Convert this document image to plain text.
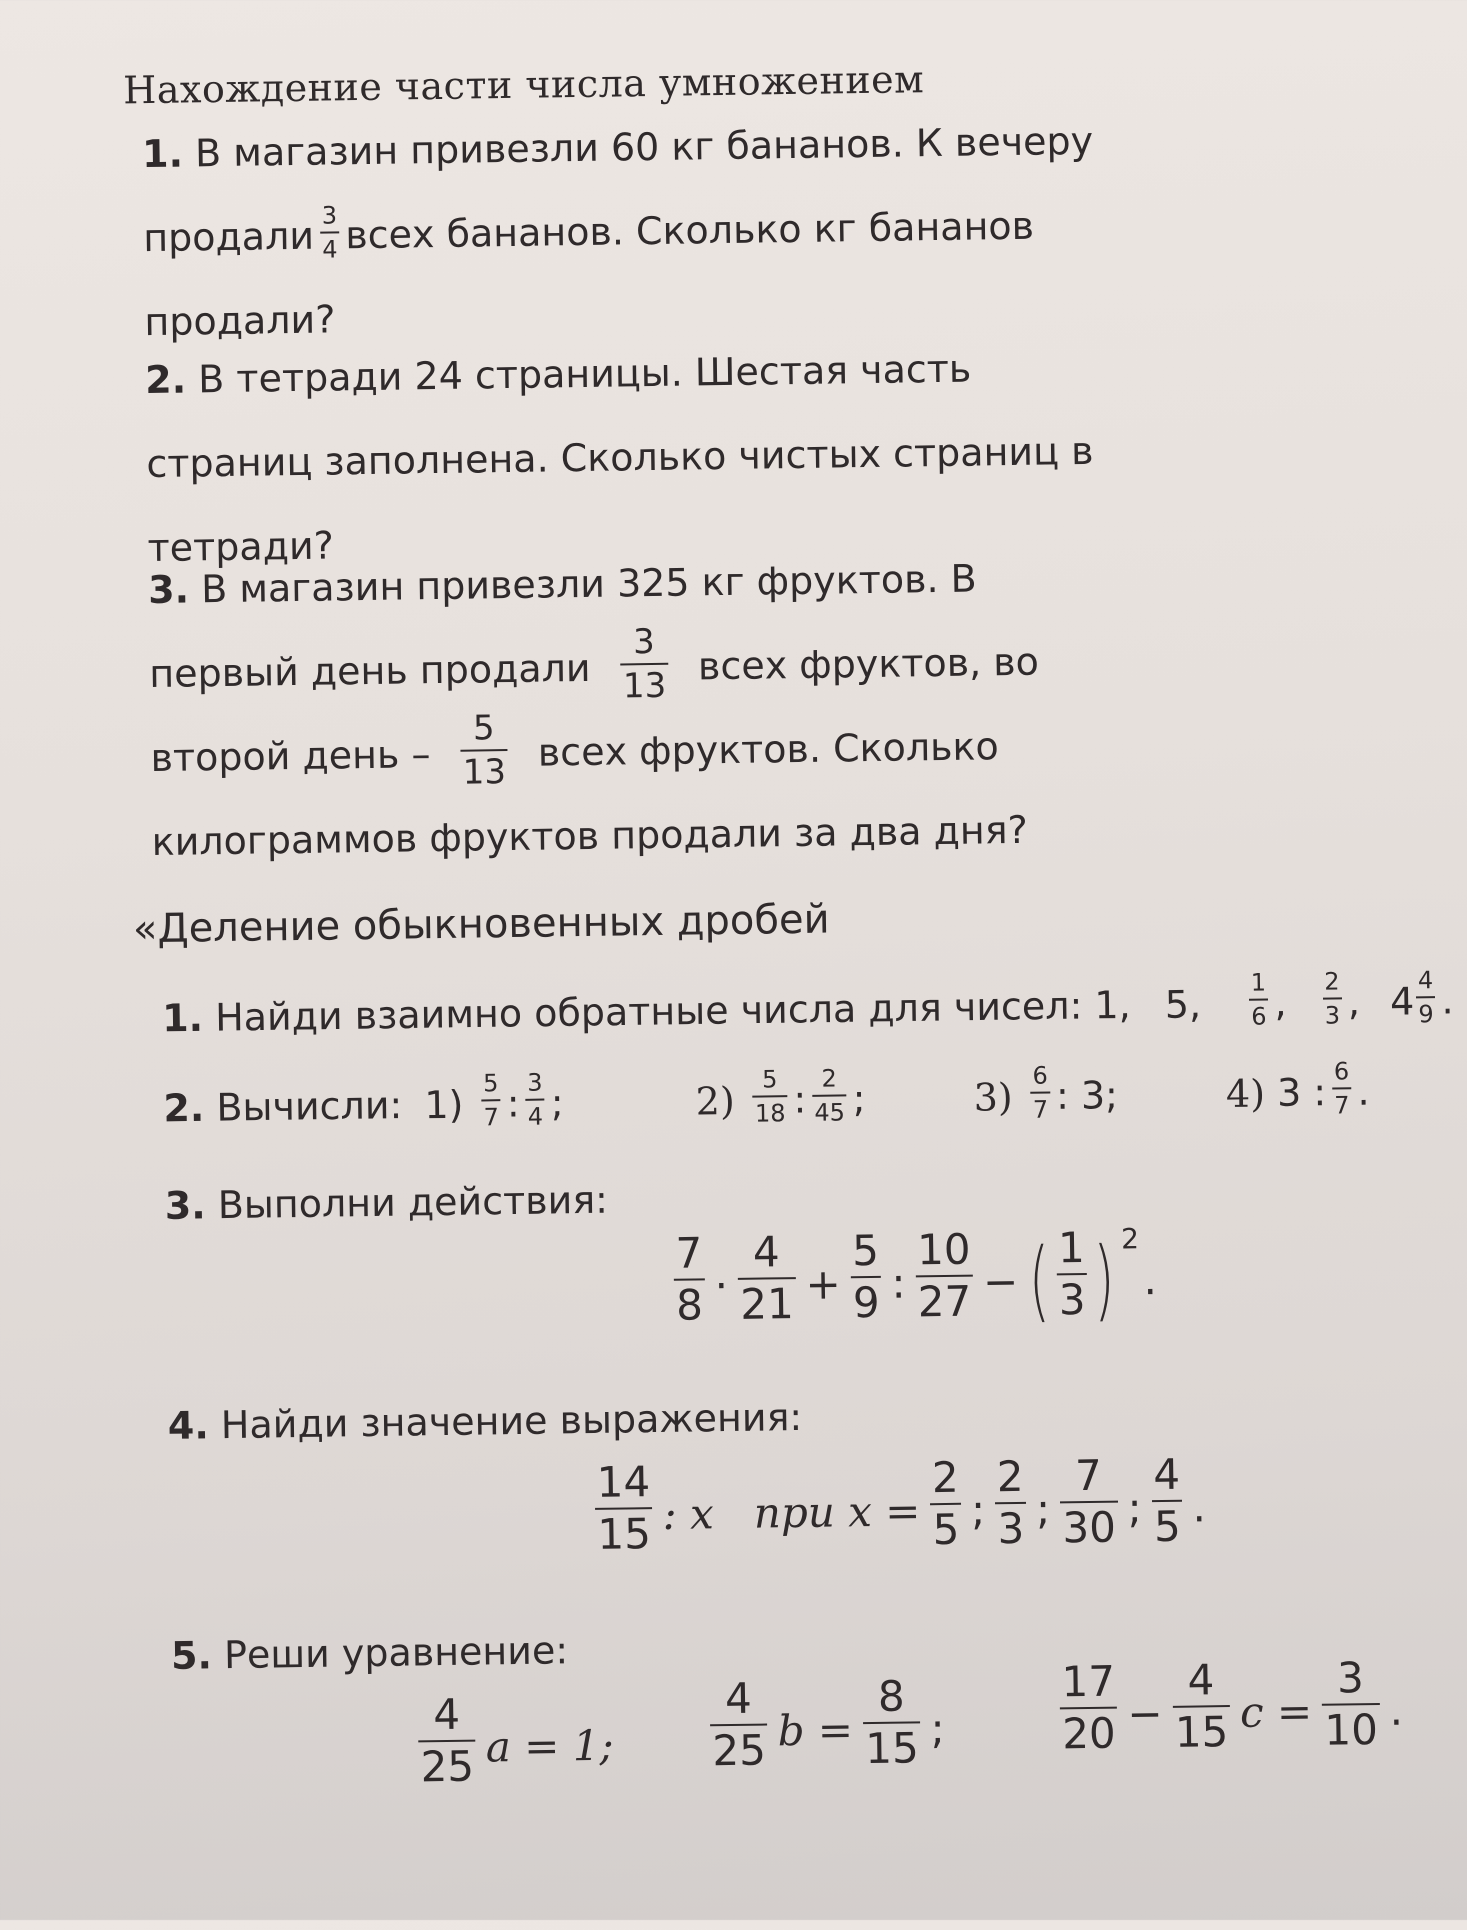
Нахождение части числа умножением
1. В магазин привезли 60 кг бананов. К вечеру
продали $\frac{3}{4}$ всех бананов. Сколько кг бананов
продали?
2. В тетради 24 страницы. Шестая часть
страниц заполнена. Сколько чистых страниц в
тетради?
3. В магазин привезли 325 кг фруктов. В
первый день продали $\frac{3}{13}$ всех фруктов, во
второй день – $\frac{5}{13}$ всех фруктов. Сколько
килограммов фруктов продали за два дня?
«Деление обыкновенных дробей
1. Найди взаимно обратные числа для чисел: 1, 5, $\frac{1}{6}$ , $\frac{2}{3}$ , $4 \frac{4}{9}$ .
2. Вычисли: $1) \frac{5}{7}$ : $\frac{3}{4}$ ;	$2) \frac{5}{18}$ : $\frac{2}{45}$ ;	$3) \frac{6}{7}$ : 3;	4) 3 : $\frac{6}{7}$ .
3. Выполни действия:
$\frac{7}{8} \cdot \frac{4}{21} + \frac{5}{9}$ : $\frac{10}{27}$ − ( $\frac{1}{3}$ ) 2.
4. Найди значение выражения:
$\frac{14}{15}$ : x   при $x = \frac{2}{5}$ ; $\frac{2}{3}$ ; $\frac{7}{30}$ ; $\frac{4}{5}$ .
5. Реши уравнение:
$\frac{4}{25}$ a = 1; $\frac{4}{25}$ $b = \frac{8}{15}$ ;	$\frac{17}{20} - \frac{4}{15}$ $c = \frac{3}{10}$ .
